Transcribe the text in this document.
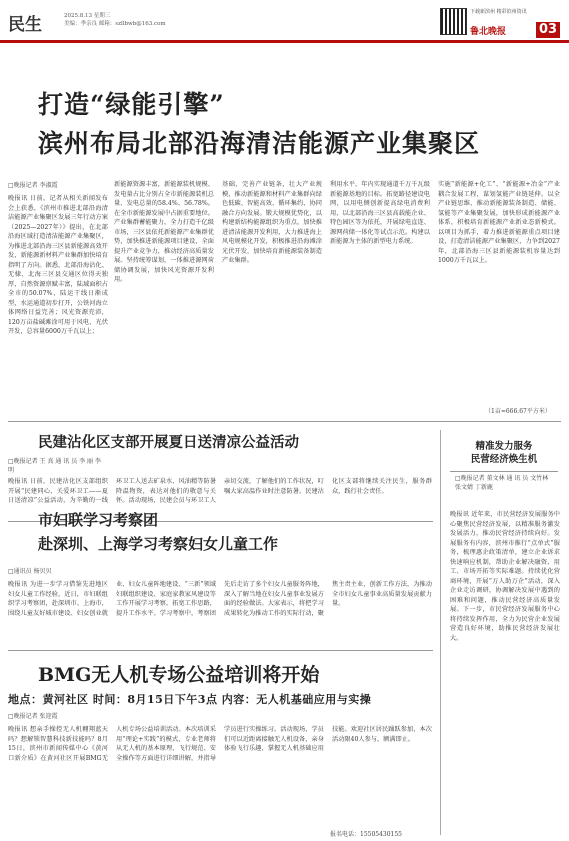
民生	2025.8.13 星期三
美编：季亲良 邮箱：szllbwb@163.com
下载新滨州 精彩滨州资讯
鲁北晚报	03
打造“绿能引擎”
滨州布局北部沿海清洁能源产业集聚区
□晚报记者 李淑霞
晚报讯 日前，记者从相关新闻发布会上获悉，《滨州市推进北部沿海清洁能源产业集聚区发展三年行动方案（2025—2027年）》提出，在北部沿海区域打造清洁能源产业集聚区，为推进北部沿海三区县新能源高效开发，新能源新材料产业集群加快培育指明了方向。据悉，北部沿海沾化、无棣、北海三区县交通区位得天独厚，自然资源禀赋丰富，陆域面积占全市的50.07%，陆运干线日渐成型，水运通道初步打开，公铁河海立体网络日益完善；风光资源充沛，120万亩盐碱滩涂可用于风电、光伏开发，总容量6000万千瓦以上；
新能源资源丰富，新能源装机规模、发电量占比分别占全市新能源装机总量、发电总量的58.4%、56.78%。在全市新能源发展中占据重要地位。产业集群蓄能聚力，全力打造千亿级市场，三区县依托新能源产业集群优势，加快推进新能源项目建设，全面提升产业竞争力，推动经济高质量发展。坚持统筹谋划，一体推进源网荷储协调发展，加快风光资源开发利用。
基础，完善产业链条，壮大产业规模，推动新能源和材料产业集群向绿色低碳、智能高效、循环集约、协同融合方向发展。锻大规模优势化，以构建新结构能源组织为重点，加快推进清洁能源开发利用，大力推进海上风电规模化开发，积极推进沿海滩涂光伏开发，加快培育新能源装备制造产业集群。
利用水平，年内实现通道千万千瓦级新能源基地的目标。拓宽路径建设电网，以用电侧创新提高绿电消费利用，以北部沿海三区县高载能企业、特色园区等为依托，开展绿电直连、源网荷储一体化等试点示范。构建以新能源为主体的新型电力系统。
实施“新能源+化工”、“新能源+冶金”产业耦合发展工程，谋划氢能产业链延伸。以全产业链思维，推动新能源装备制造、储能、氢能等产业集聚发展，加快形成新能源产业体系，积极培育新能源产业新业态新模式。以项目为抓手，着力推进新能源重点项目建设，打造清洁能源产业集聚区，力争到2027年，北部沿海三区县新能源装机容量达到1000万千瓦以上。
（1亩≈666.67平方米）
民建沾化区支部开展夏日送清凉公益活动
□晚报记者 王 真 通 讯 员 李 丽 李 明
晚报讯 日前，民建沾化区支部组织开展“民建同心，关爱环卫工——夏日送清凉”公益活动，为辛勤的一线环卫工人送去矿泉水、风油精等防暑降温物资，表达对他们的敬意与关怀。活动现场，民建会员与环卫工人亲切交流，了解他们的工作状况，叮嘱大家高温作业时注意防暑。民建沾化区支部将继续关注民生，服务群众，践行社会责任。
精准发力服务
民营经济焕生机
□晚报记者 董文林 通 讯 员 文竹林 张文婧 丁新鹿
晚报讯 近年来，市民营经济发展服务中心聚焦民营经济发展，以精准服务激发发展活力，推动民营经济持续向好。发展服务有内容，滨州市推行“点单式”服务，梳理惠企政策清单，建立企业诉求快速响应机制，帮助企业解决融资、用工、市场开拓等实际难题。持续优化营商环境，开展“万人助万企”活动，深入企业走访调研，协调解决发展中遇到的困难和问题，推动民营经济高质量发展。下一步，市民营经济发展服务中心将持续发挥作用，全力为民营企业发展营造良好环境，助推民营经济发展壮大。
市妇联学习考察团
赴深圳、上海学习考察妇女儿童工作
□通讯员 杨贝贝
晚报讯 为进一步学习借鉴先进地区妇女儿童工作经验，近日，市妇联组织学习考察团，赴深圳市、上海市，围绕儿童友好城市建设、妇女创业就业、妇女儿童阵地建设、“三新”领域妇联组织建设、家庭家教家风建设等工作开展学习考察，拓宽工作思路，提升工作水平。学习考察中，考察团先后走访了多个妇女儿童服务阵地，深入了解当地在妇女儿童事业发展方面的经验做法。大家表示，将把学习成果转化为推动工作的实际行动，聚焦主责主业，创新工作方法，为推动全市妇女儿童事业高质量发展贡献力量。
BMG无人机专场公益培训将开始
地点：黄河社区 时间：8月15日下午3点 内容：无人机基础应用与实操
□晚报记者 张迎霞
晚报讯 想亲手操控无人机翱翔蓝天吗？想解锁智慧科技新技能吗？8月15日，滨州市新闻传媒中心《黄河口新介质》在黄河社区开展BMG无人机专场公益培训活动。本次培训采用“理论+实践”的模式，专业老师将从无人机的基本原理、飞行规范、安全操作等方面进行详细讲解，并指导学员进行实操练习。活动现场，学员们可以近距离接触无人机设备，亲身体验飞行乐趣，掌握无人机基础应用技能。欢迎社区居民踊跃参加，本次活动限40人参与，额满即止。
报名电话：15505430155
